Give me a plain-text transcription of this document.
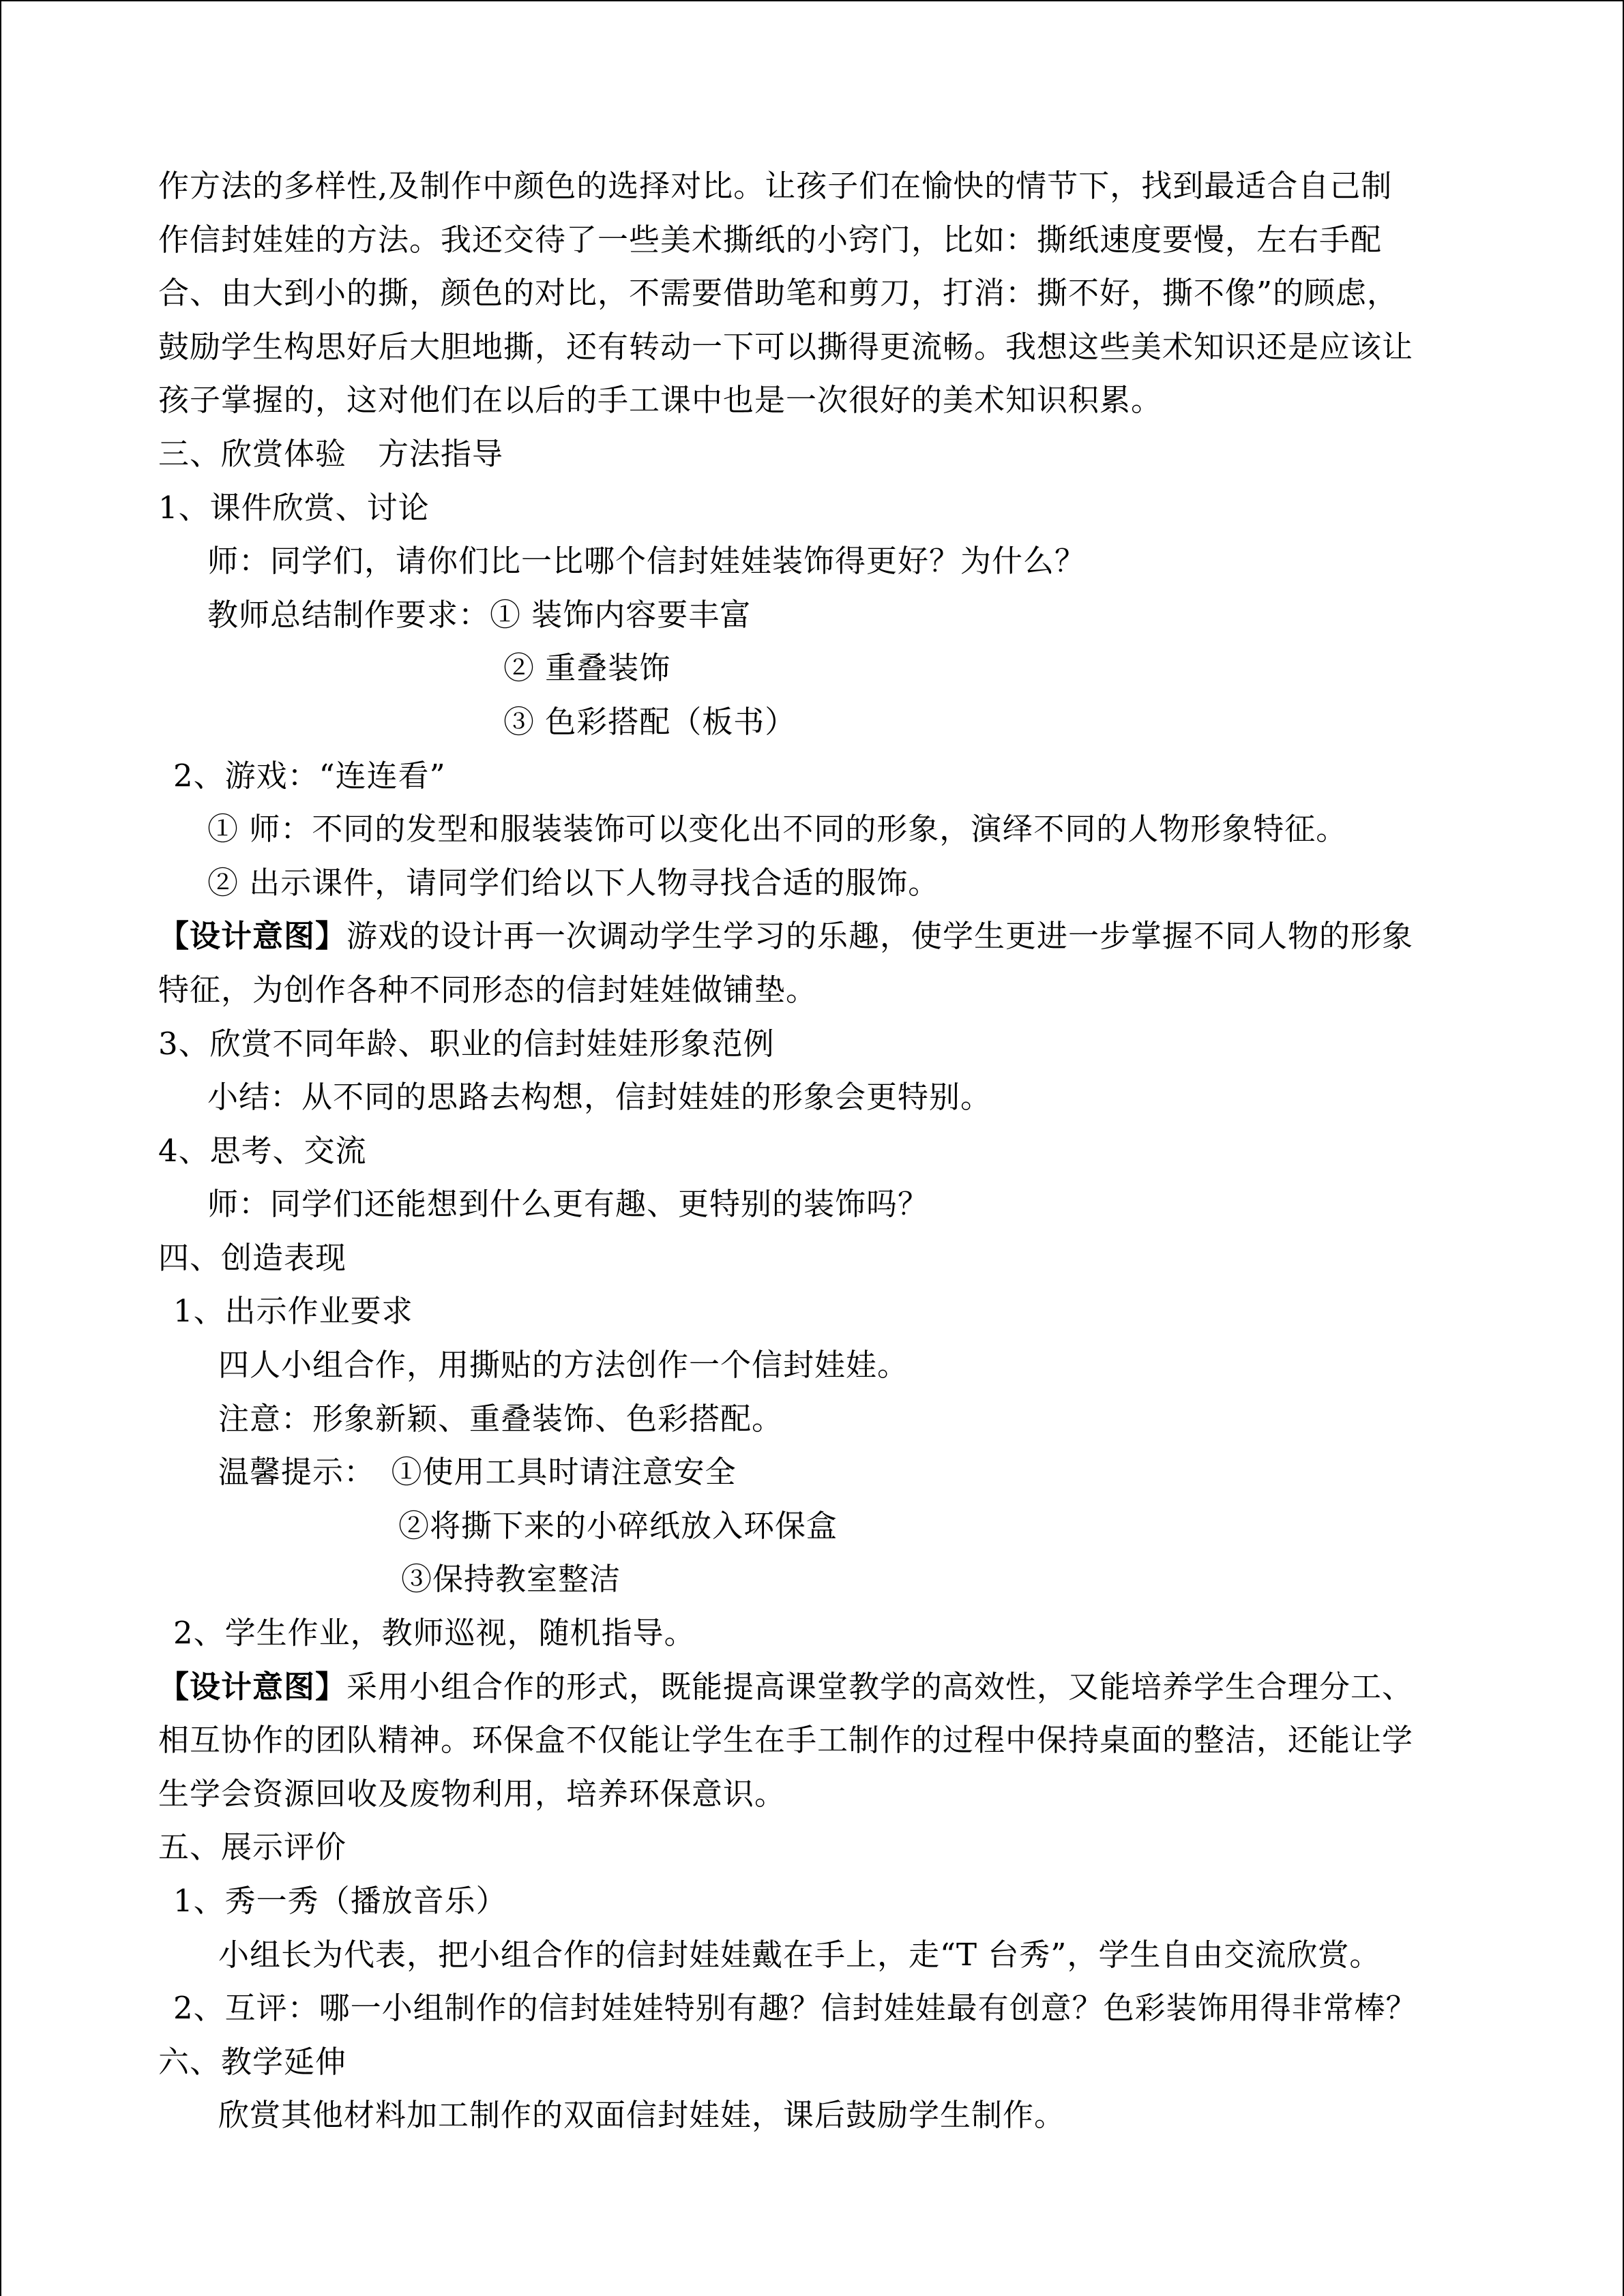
作方法的多样性,及制作中颜色的选择对比。让孩子们在愉快的情节下，找到最适合自己制
作信封娃娃的方法。我还交待了一些美术撕纸的小窍门，比如：撕纸速度要慢，左右手配
合、由大到小的撕，颜色的对比，不需要借助笔和剪刀，打消：撕不好，撕不像”的顾虑，
鼓励学生构思好后大胆地撕，还有转动一下可以撕得更流畅。我想这些美术知识还是应该让
孩子掌握的，这对他们在以后的手工课中也是一次很好的美术知识积累。
三、欣赏体验　方法指导
1、课件欣赏、讨论
师：同学们，请你们比一比哪个信封娃娃装饰得更好？为什么？
教师总结制作要求：① 装饰内容要丰富
② 重叠装饰
③ 色彩搭配（板书）
2、游戏：“连连看”
① 师：不同的发型和服装装饰可以变化出不同的形象，演绎不同的人物形象特征。
② 出示课件，请同学们给以下人物寻找合适的服饰。
【设计意图】游戏的设计再一次调动学生学习的乐趣，使学生更进一步掌握不同人物的形象
特征，为创作各种不同形态的信封娃娃做铺垫。
3、欣赏不同年龄、职业的信封娃娃形象范例
小结：从不同的思路去构想，信封娃娃的形象会更特别。
4、思考、交流
师：同学们还能想到什么更有趣、更特别的装饰吗？
四、创造表现
1、出示作业要求
四人小组合作，用撕贴的方法创作一个信封娃娃。
注意：形象新颖、重叠装饰、色彩搭配。
温馨提示：　①使用工具时请注意安全
②将撕下来的小碎纸放入环保盒
③保持教室整洁
2、学生作业，教师巡视，随机指导。
【设计意图】采用小组合作的形式，既能提高课堂教学的高效性，又能培养学生合理分工、
相互协作的团队精神。环保盒不仅能让学生在手工制作的过程中保持桌面的整洁，还能让学
生学会资源回收及废物利用，培养环保意识。
五、展示评价
1、秀一秀（播放音乐）
小组长为代表，把小组合作的信封娃娃戴在手上，走“T 台秀”，学生自由交流欣赏。
2、互评：哪一小组制作的信封娃娃特别有趣？信封娃娃最有创意？色彩装饰用得非常棒？
六、教学延伸
欣赏其他材料加工制作的双面信封娃娃，课后鼓励学生制作。
